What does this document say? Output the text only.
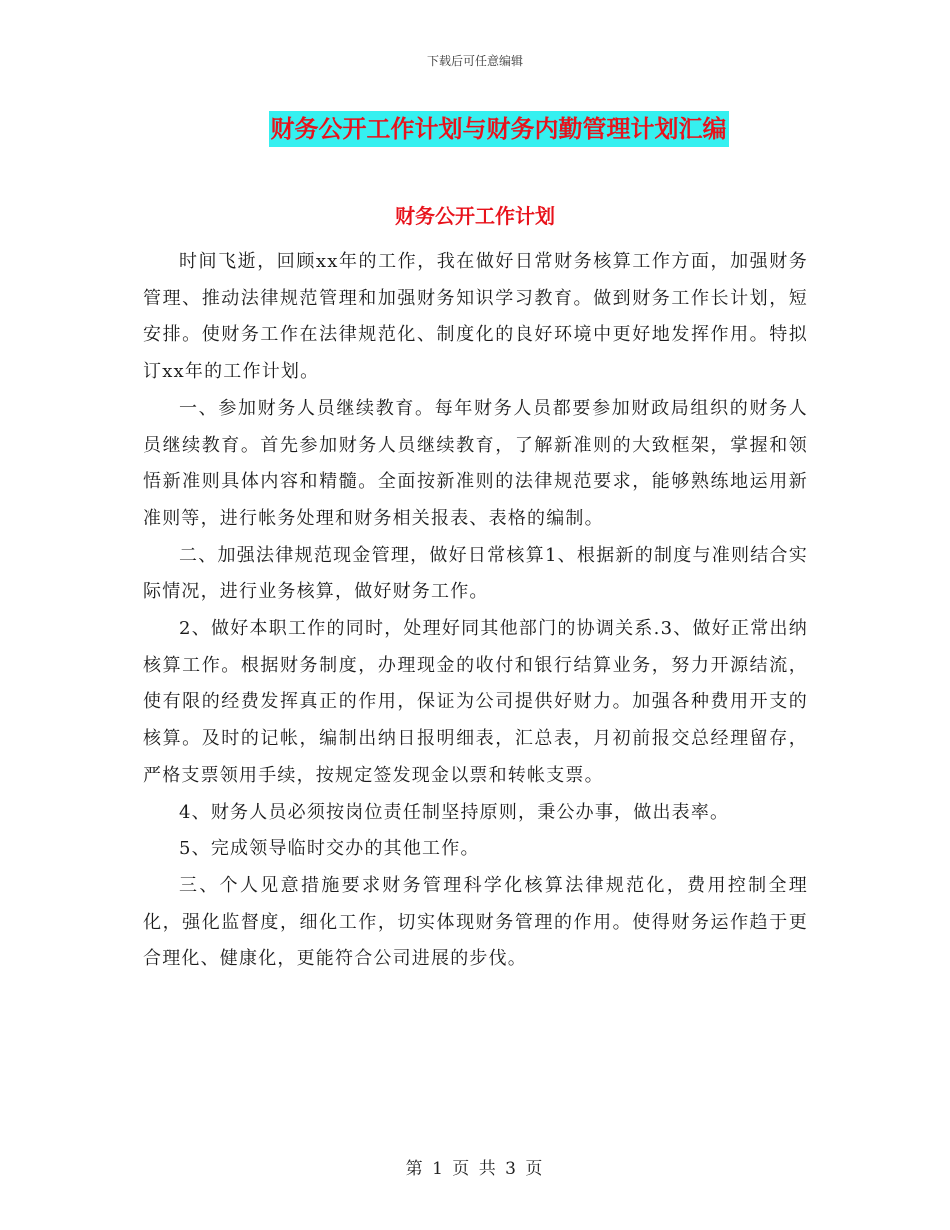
下载后可任意编辑
财务公开工作计划与财务内勤管理计划汇编
财务公开工作计划

时间飞逝，回顾xx年的工作，我在做好日常财务核算工作方面，加强财务管理、推动法律规范管理和加强财务知识学习教育。做到财务工作长计划，短安排。使财务工作在法律规范化、制度化的良好环境中更好地发挥作用。特拟订xx年的工作计划。

一、参加财务人员继续教育。每年财务人员都要参加财政局组织的财务人员继续教育。首先参加财务人员继续教育，了解新准则的大致框架，掌握和领悟新准则具体内容和精髓。全面按新准则的法律规范要求，能够熟练地运用新准则等，进行帐务处理和财务相关报表、表格的编制。

二、加强法律规范现金管理，做好日常核算1、根据新的制度与准则结合实际情况，进行业务核算，做好财务工作。

2、做好本职工作的同时，处理好同其他部门的协调关系.3、做好正常出纳核算工作。根据财务制度，办理现金的收付和银行结算业务，努力开源结流，使有限的经费发挥真正的作用，保证为公司提供好财力。加强各种费用开支的核算。及时的记帐，编制出纳日报明细表，汇总表，月初前报交总经理留存，严格支票领用手续，按规定签发现金以票和转帐支票。

4、财务人员必须按岗位责任制坚持原则，秉公办事，做出表率。

5、完成领导临时交办的其他工作。

三、个人见意措施要求财务管理科学化核算法律规范化，费用控制全理化，强化监督度，细化工作，切实体现财务管理的作用。使得财务运作趋于更合理化、健康化，更能符合公司进展的步伐。

第 1 页 共 3 页
